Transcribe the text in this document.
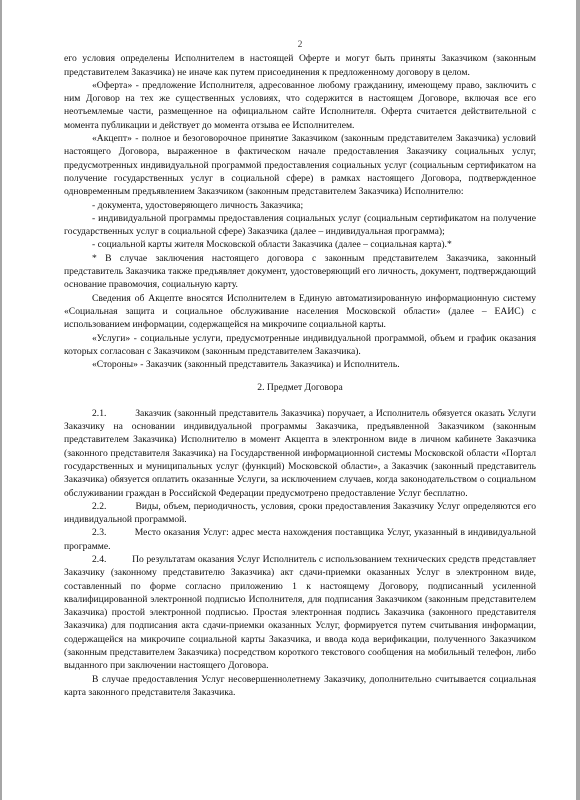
2

его условия определены Исполнителем в настоящей Оферте и могут быть приняты Заказчиком (законным представителем Заказчика) не иначе как путем присоединения к предложенному договору в целом.

«Оферта» - предложение Исполнителя, адресованное любому гражданину, имеющему право, заключить с ним Договор на тех же существенных условиях, что содержится в настоящем Договоре, включая все его неотъемлемые части, размещенное на официальном сайте Исполнителя. Оферта считается действительной с момента публикации и действует до момента отзыва ее Исполнителем.

«Акцепт» - полное и безоговорочное принятие Заказчиком (законным представителем Заказчика) условий настоящего Договора, выраженное в фактическом начале предоставления Заказчику социальных услуг, предусмотренных индивидуальной программой предоставления социальных услуг (социальным сертификатом на получение государственных услуг в социальной сфере) в рамках настоящего Договора, подтвержденное одновременным предъявлением Заказчиком (законным представителем Заказчика) Исполнителю:

- документа, удостоверяющего личность Заказчика;

- индивидуальной программы предоставления социальных услуг (социальным сертификатом на получение государственных услуг в социальной сфере) Заказчика (далее – индивидуальная программа);

- социальной карты жителя Московской области Заказчика (далее – социальная карта).*

* В случае заключения настоящего договора с законным представителем Заказчика, законный представитель Заказчика также предъявляет документ, удостоверяющий его личность, документ, подтверждающий основание правомочия, социальную карту.

Сведения об Акцепте вносятся Исполнителем в Единую автоматизированную информационную систему «Социальная защита и социальное обслуживание населения Московской области» (далее – ЕАИС) с использованием информации, содержащейся на микрочипе социальной карты.

«Услуги» - социальные услуги, предусмотренные индивидуальной программой, объем и график оказания которых согласован с Заказчиком (законным представителем Заказчика).

«Стороны» - Заказчик (законный представитель Заказчика) и Исполнитель.

2. Предмет Договора

2.1.	Заказчик (законный представитель Заказчика) поручает, а Исполнитель обязуется оказать Услуги Заказчику на основании индивидуальной программы Заказчика, предъявленной Заказчиком (законным представителем Заказчика) Исполнителю в момент Акцепта в электронном виде в личном кабинете Заказчика (законного представителя Заказчика) на Государственной информационной системы Московской области «Портал государственных и муниципальных услуг (функций) Московской области», а Заказчик (законный представитель Заказчика) обязуется оплатить оказанные Услуги, за исключением случаев, когда законодательством о социальном обслуживании граждан в Российской Федерации предусмотрено предоставление Услуг бесплатно.

2.2.	Виды, объем, периодичность, условия, сроки предоставления Заказчику Услуг определяются его индивидуальной программой.

2.3.	Место оказания Услуг: адрес места нахождения поставщика Услуг, указанный в индивидуальной программе.

2.4.	По результатам оказания Услуг Исполнитель с использованием технических средств представляет Заказчику (законному представителю Заказчика) акт сдачи-приемки оказанных Услуг в электронном виде, составленный по форме согласно приложению 1 к настоящему Договору, подписанный усиленной квалифицированной электронной подписью Исполнителя, для подписания Заказчиком (законным представителем Заказчика) простой электронной подписью. Простая электронная подпись Заказчика (законного представителя Заказчика) для подписания акта сдачи-приемки оказанных Услуг, формируется путем считывания информации, содержащейся на микрочипе социальной карты Заказчика, и ввода кода верификации, полученного Заказчиком (законным представителем Заказчика) посредством короткого текстового сообщения на мобильный телефон, либо выданного при заключении настоящего Договора.

В случае предоставления Услуг несовершеннолетнему Заказчику, дополнительно считывается социальная карта законного представителя Заказчика.
